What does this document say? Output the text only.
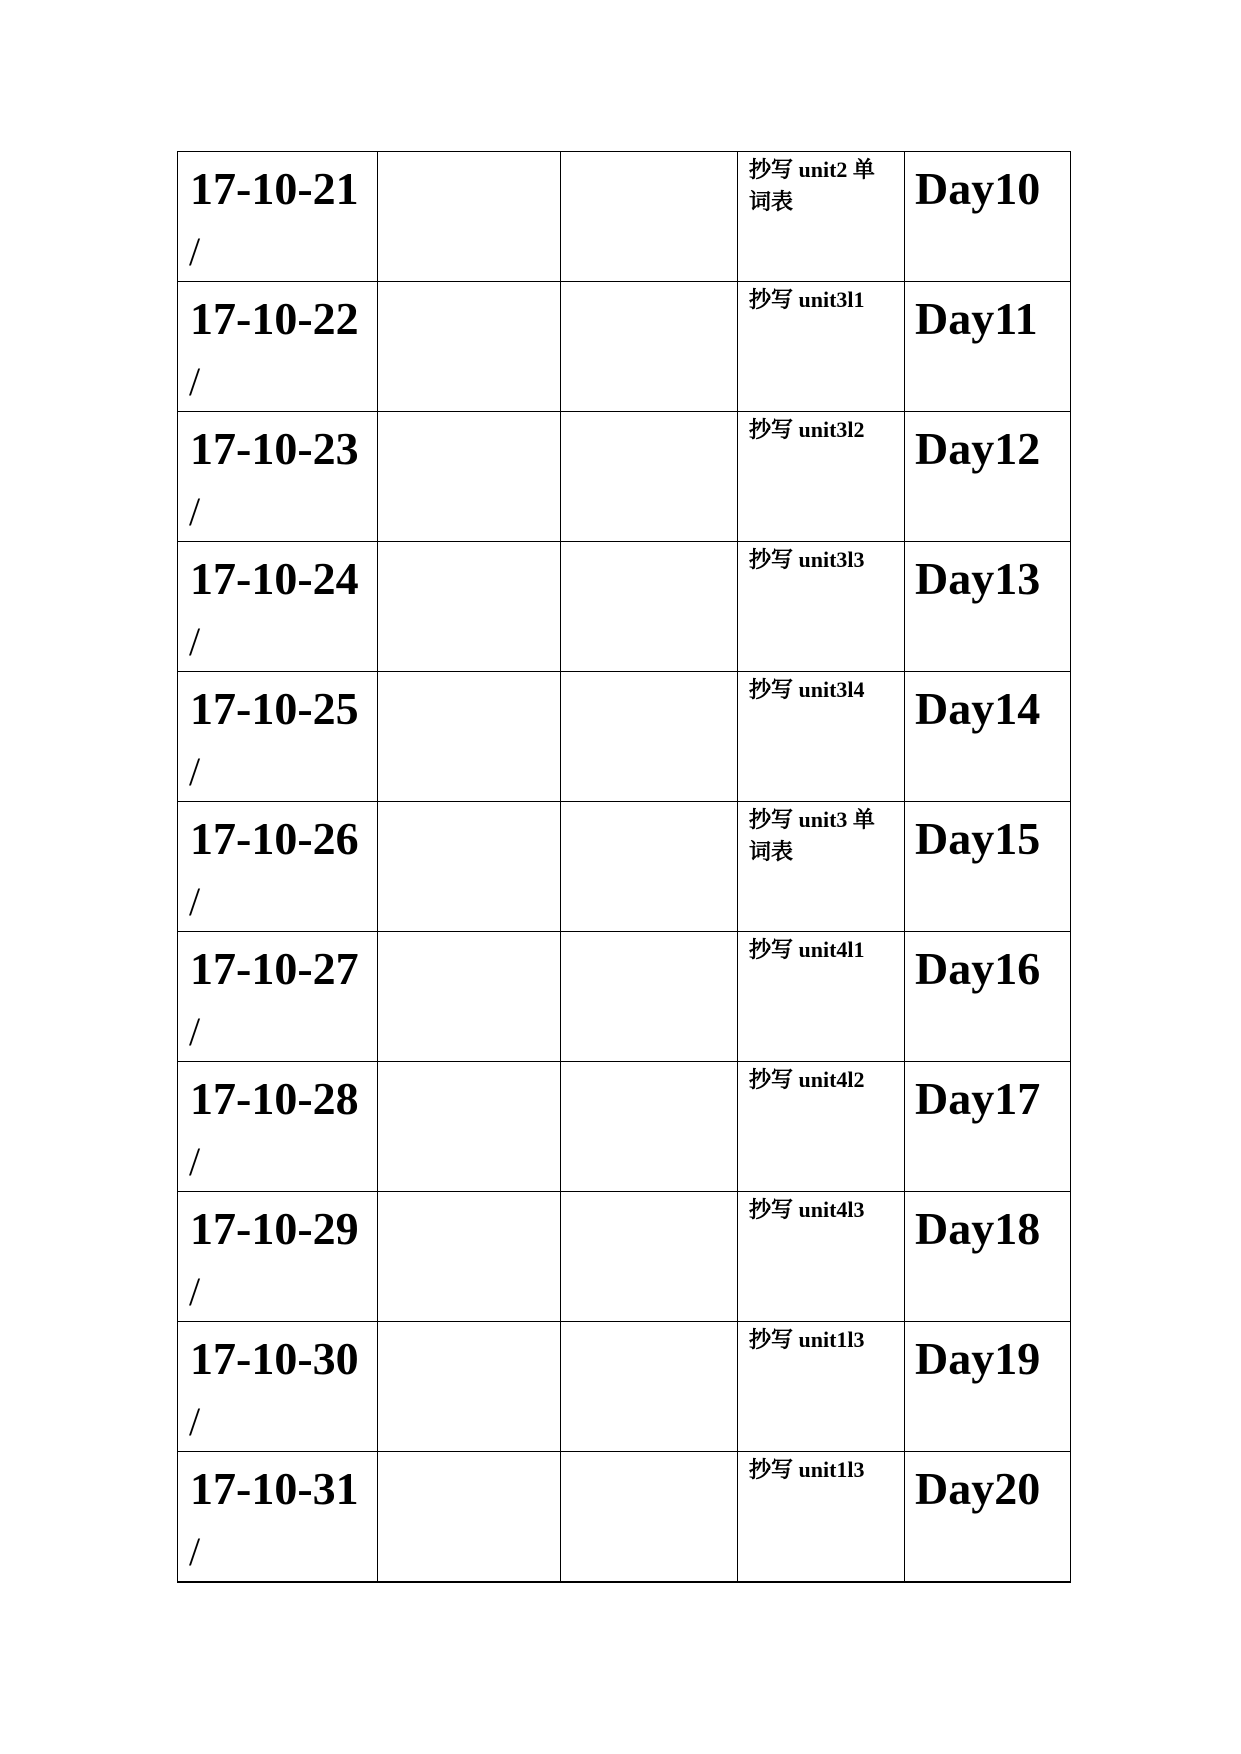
17-10-21
/			抄写 unit2 单词表	Day10

17-10-22
/			抄写 unit3l1	Day11

17-10-23
/			抄写 unit3l2	Day12

17-10-24
/			抄写 unit3l3	Day13

17-10-25
/			抄写 unit3l4	Day14

17-10-26
/			抄写 unit3 单词表	Day15

17-10-27
/			抄写 unit4l1	Day16

17-10-28
/			抄写 unit4l2	Day17

17-10-29
/			抄写 unit4l3	Day18

17-10-30
/			抄写 unit1l3	Day19

17-10-31
/			抄写 unit1l3	Day20
